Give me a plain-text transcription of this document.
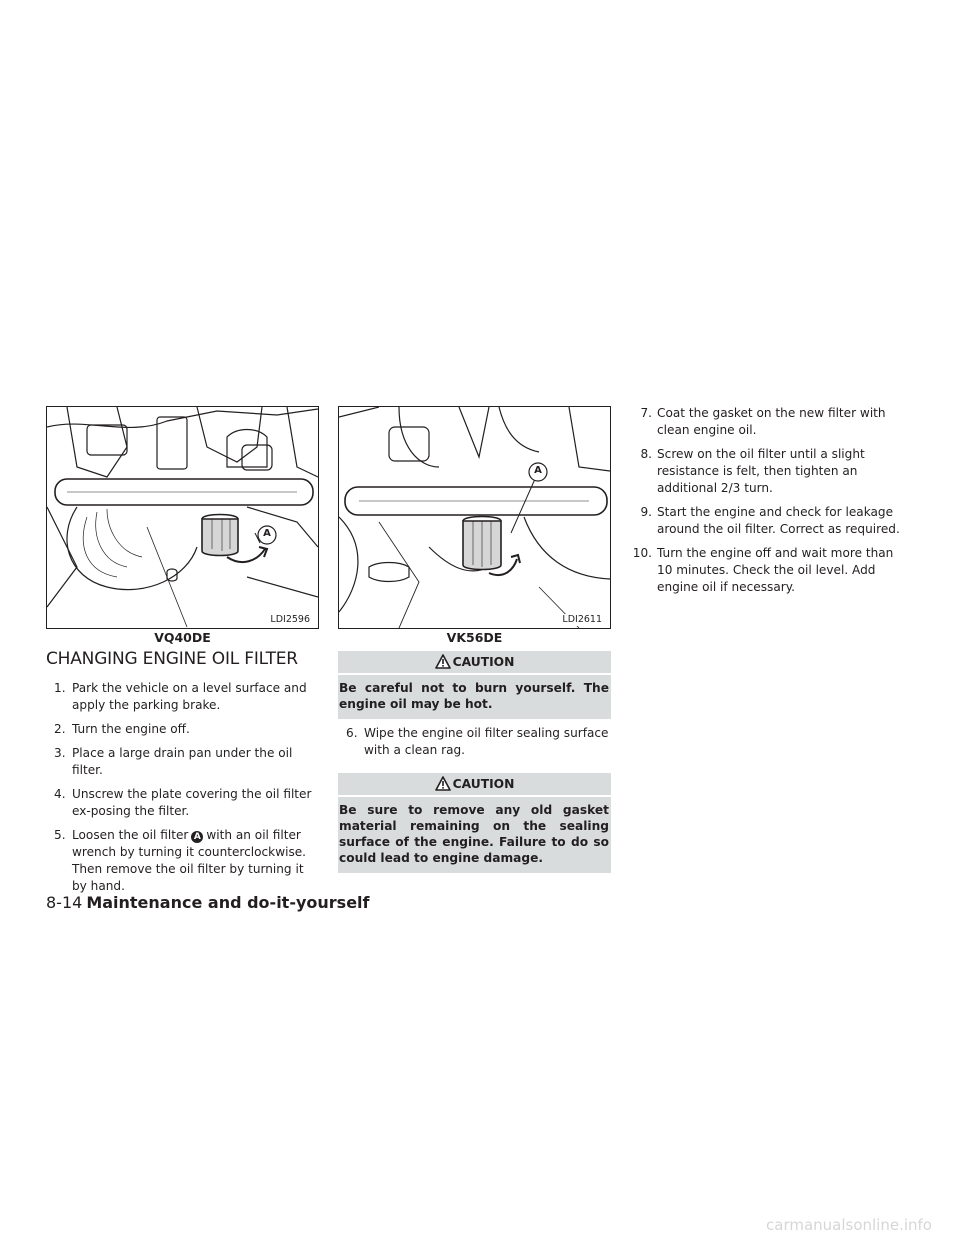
A
LDI2596
VQ40DE
A
LDI2611
VK56DE
CHANGING ENGINE OIL FILTER
1. Park the vehicle on a level surface and apply the parking brake.
2. Turn the engine off.
3. Place a large drain pan under the oil filter.
4. Unscrew the plate covering the oil filter ex-posing the filter.
5. Loosen the oil filter A with an oil filter wrench by turning it counterclockwise. Then remove the oil filter by turning it by hand.
CAUTION
Be careful not to burn yourself. The engine oil may be hot.
6. Wipe the engine oil filter sealing surface with a clean rag.
CAUTION
Be sure to remove any old gasket material remaining on the sealing surface of the engine. Failure to do so could lead to engine damage.
7. Coat the gasket on the new filter with clean engine oil.
8. Screw on the oil filter until a slight resistance is felt, then tighten an additional 2/3 turn.
9. Start the engine and check for leakage around the oil filter. Correct as required.
10. Turn the engine off and wait more than 10 minutes. Check the oil level. Add engine oil if necessary.
8-14 Maintenance and do-it-yourself
carmanualsonline.info
